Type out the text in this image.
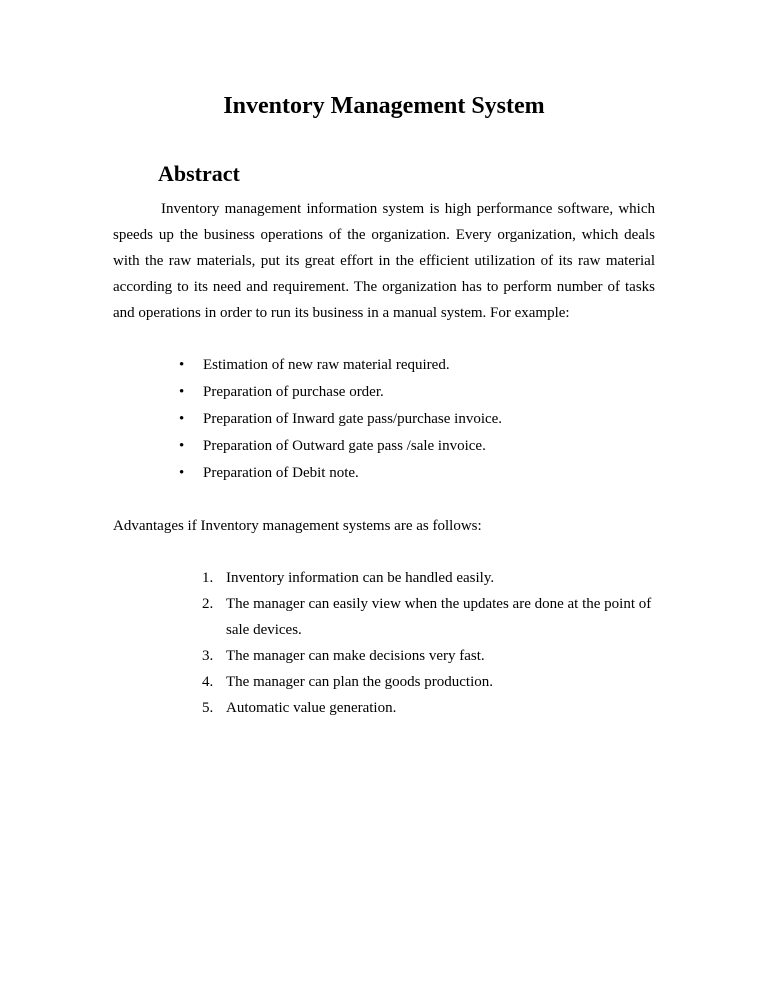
Inventory Management System
Abstract

Inventory management information system is high performance software, which speeds up the business operations of the organization. Every organization, which deals with the raw materials, put its great effort in the efficient utilization of its raw material according to its need and requirement. The organization has to perform number of tasks and operations in order to run its business in a manual system. For example:

• Estimation of new raw material required.
• Preparation of purchase order.
• Preparation of Inward gate pass/purchase invoice.
• Preparation of Outward gate pass /sale invoice.
• Preparation of Debit note.

Advantages if Inventory management systems are as follows:

1. Inventory information can be handled easily.
2. The manager can easily view when the updates are done at the point of sale devices.
3. The manager can make decisions very fast.
4. The manager can plan the goods production.
5. Automatic value generation.
